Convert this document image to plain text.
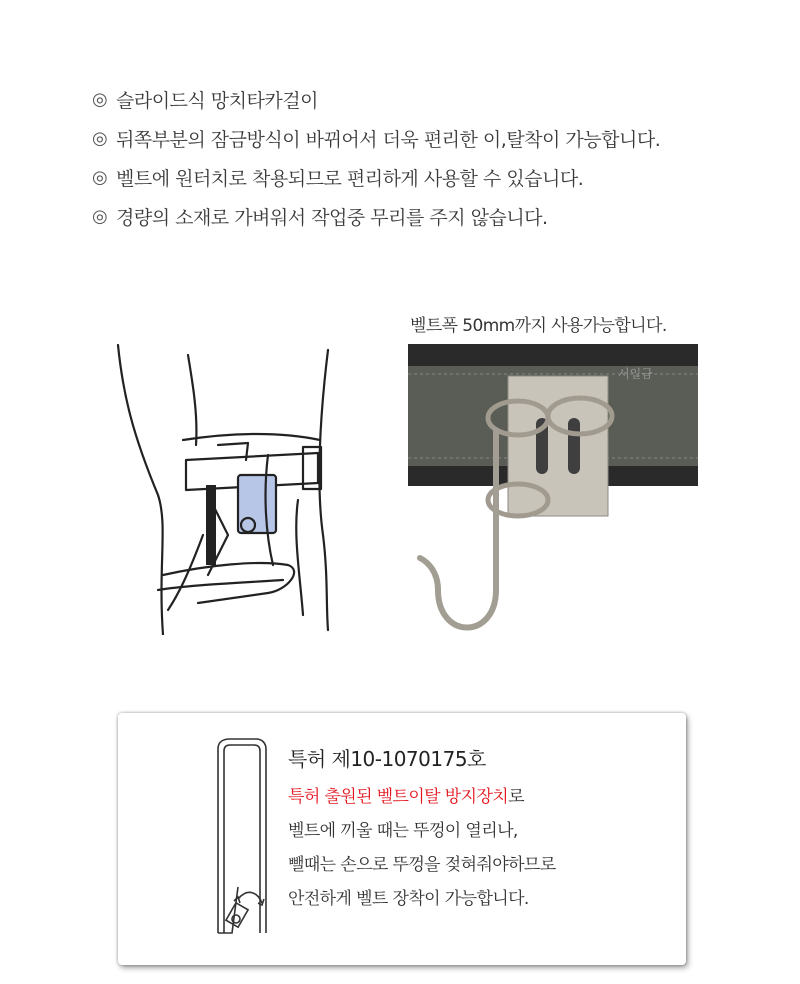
◎ 슬라이드식 망치타카걸이
◎ 뒤쪽부분의 잠금방식이 바뀌어서 더욱 편리한 이,탈착이 가능합니다.
◎ 벨트에 원터치로 착용되므로 편리하게 사용할 수 있습니다.
◎ 경량의 소재로 가벼워서 작업중 무리를 주지 않습니다.
벨트폭 50mm까지 사용가능합니다.
서일금
특허 제10-1070175호
특허 출원된 벨트이탈 방지장치로
벨트에 끼울 때는 뚜껑이 열리나,
뺄때는 손으로 뚜껑을 젖혀줘야하므로
안전하게 벨트 장착이 가능합니다.
